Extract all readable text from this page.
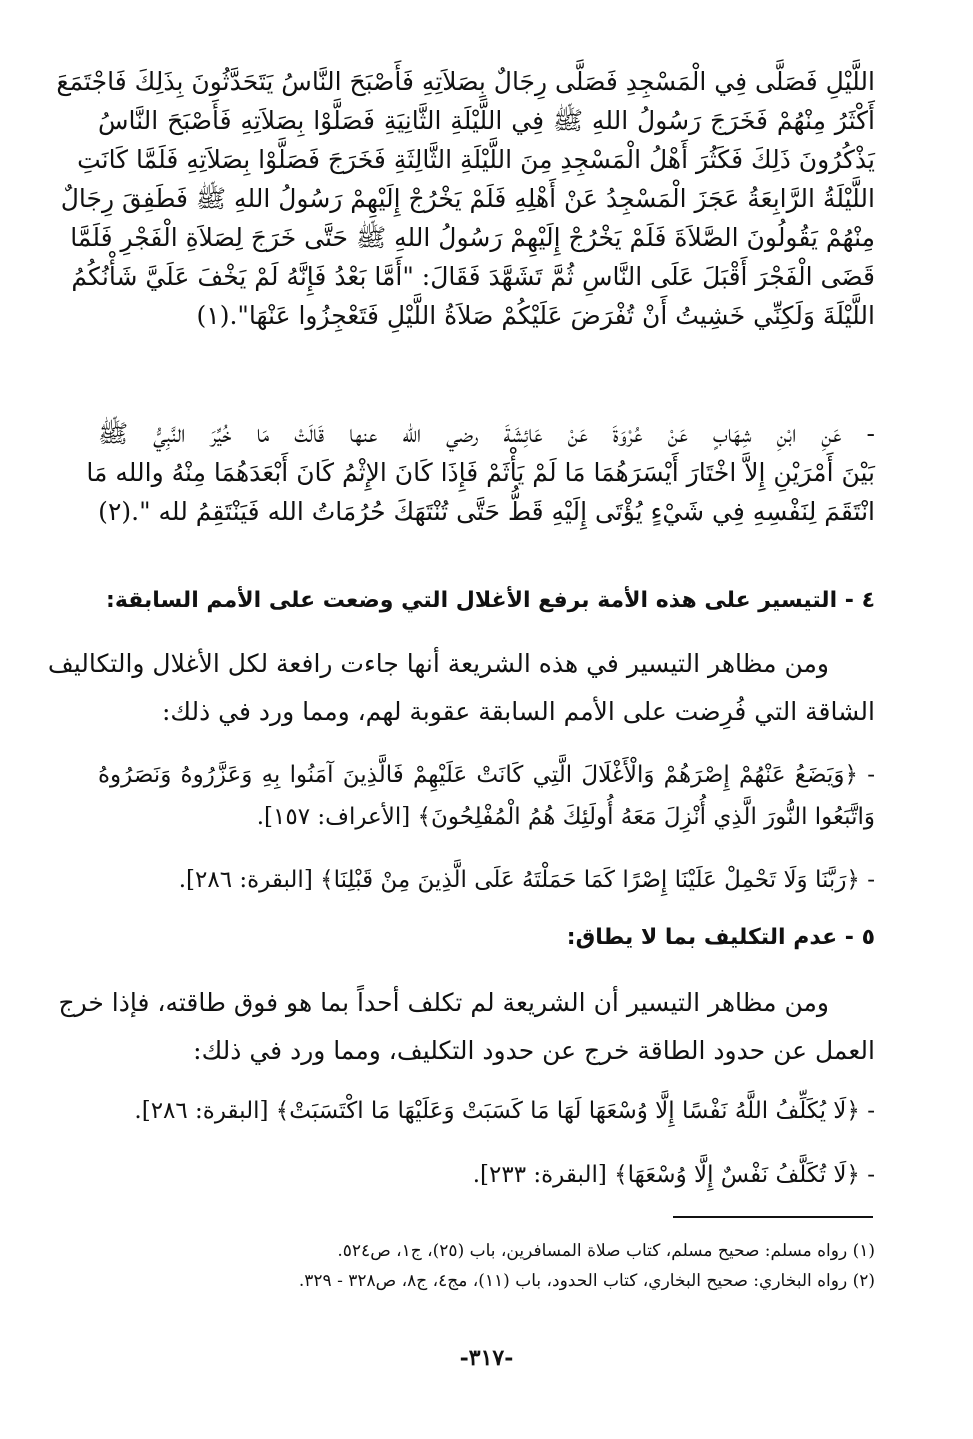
اللَّيْلِ فَصَلَّى فِي الْمَسْجِدِ فَصَلَّى رِجَالٌ بِصَلاَتِهِ فَأَصْبَحَ النَّاسُ يَتَحَدَّثُونَ بِذَلِكَ فَاجْتَمَعَ
أَكْثَرُ مِنْهُمْ فَخَرَجَ رَسُولُ اللهِ ﷺ فِي اللَّيْلَةِ الثَّانِيَةِ فَصَلَّوْا بِصَلاَتِهِ فَأَصْبَحَ النَّاسُ
يَذْكُرُونَ ذَلِكَ فَكَثُرَ أَهْلُ الْمَسْجِدِ مِنَ اللَّيْلَةِ الثَّالِثَةِ فَخَرَجَ فَصَلَّوْا بِصَلاَتِهِ فَلَمَّا كَانَتِ
اللَّيْلَةُ الرَّابِعَةُ عَجَزَ الْمَسْجِدُ عَنْ أَهْلِهِ فَلَمْ يَخْرُجْ إِلَيْهِمْ رَسُولُ اللهِ ﷺ فَطَفِقَ رِجَالٌ
مِنْهُمْ يَقُولُونَ الصَّلاَةَ فَلَمْ يَخْرُجْ إِلَيْهِمْ رَسُولُ اللهِ ﷺ حَتَّى خَرَجَ لِصَلاَةِ الْفَجْرِ فَلَمَّا
قَضَى الْفَجْرَ أَقْبَلَ عَلَى النَّاسِ ثُمَّ تَشَهَّدَ فَقَالَ: "أَمَّا بَعْدُ فَإِنَّهُ لَمْ يَخْفَ عَلَيَّ شَأْنُكُمُ
اللَّيْلَةَ وَلَكِنِّي خَشِيتُ أَنْ تُفْرَضَ عَلَيْكُمْ صَلاَةُ اللَّيْلِ فَتَعْجِزُوا عَنْهَا".(١)
- عَنِ ابْنِ شِهَابٍ عَنْ عُرْوَةَ عَنْ عَائِشَةَ رضي الله عنها قَالَتْ مَا خُيِّرَ النَّبِيُّ ﷺ
بَيْنَ أَمْرَيْنِ إِلاَّ اخْتَارَ أَيْسَرَهُمَا مَا لَمْ يَأْثَمْ فَإِذَا كَانَ الإِثْمُ كَانَ أَبْعَدَهُمَا مِنْهُ والله مَا
انْتَقَمَ لِنَفْسِهِ فِي شَيْءٍ يُؤْتَى إِلَيْهِ قَطُّ حَتَّى تُنْتَهَكَ حُرُمَاتُ الله فَيَنْتَقِمُ لله ".(٢)
٤ - التيسير على هذه الأمة برفع الأغلال التي وضعت على الأمم السابقة:
ومن مظاهر التيسير في هذه الشريعة أنها جاءت رافعة لكل الأغلال والتكاليف
الشاقة التي فُرِضت على الأمم السابقة عقوبة لهم، ومما ورد في ذلك:
- ﴿وَيَضَعُ عَنْهُمْ إِصْرَهُمْ وَالْأَغْلَالَ الَّتِي كَانَتْ عَلَيْهِمْ فَالَّذِينَ آمَنُوا بِهِ وَعَزَّرُوهُ وَنَصَرُوهُ
وَاتَّبَعُوا النُّورَ الَّذِي أُنْزِلَ مَعَهُ أُولَئِكَ هُمُ الْمُفْلِحُونَ﴾ [الأعراف: ١٥٧].
- ﴿رَبَّنَا وَلَا تَحْمِلْ عَلَيْنَا إِصْرًا كَمَا حَمَلْتَهُ عَلَى الَّذِينَ مِنْ قَبْلِنَا﴾ [البقرة: ٢٨٦].
٥ - عدم التكليف بما لا يطاق:
ومن مظاهر التيسير أن الشريعة لم تكلف أحداً بما هو فوق طاقته، فإذا خرج
العمل عن حدود الطاقة خرج عن حدود التكليف، ومما ورد في ذلك:
- ﴿لَا يُكَلِّفُ اللَّهُ نَفْسًا إِلَّا وُسْعَهَا لَهَا مَا كَسَبَتْ وَعَلَيْهَا مَا اكْتَسَبَتْ﴾ [البقرة: ٢٨٦].
- ﴿لَا تُكَلَّفُ نَفْسٌ إِلَّا وُسْعَهَا﴾ [البقرة: ٢٣٣].
(١) رواه مسلم: صحيح مسلم، كتاب صلاة المسافرين، باب (٢٥)، ج١، ص٥٢٤.
(٢) رواه البخاري: صحيح البخاري، كتاب الحدود، باب (١١)، مج٤، ج٨، ص٣٢٨ - ٣٢٩.
-٣١٧-
